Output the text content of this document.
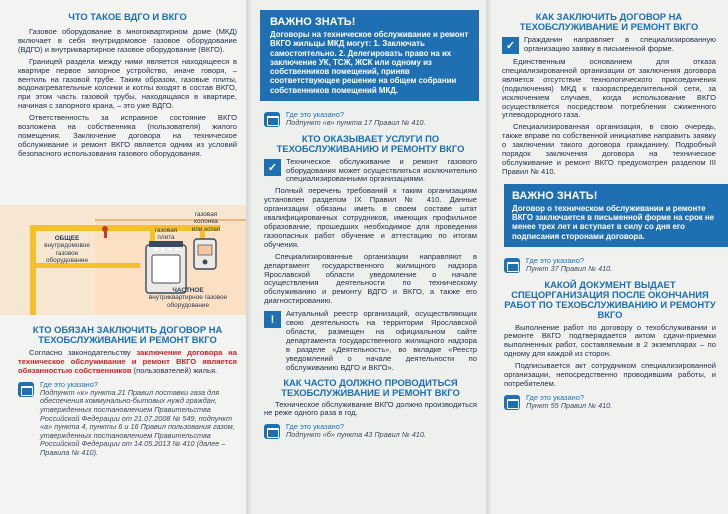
ЧТО ТАКОЕ ВДГО И ВКГО

Газовое оборудование в многоквартирном доме (МКД) включает в себя внутридомовое газовое оборудование (ВДГО) и внутриквартирное газовое оборудование (ВКГО).

Границей раздела между ними является находящееся в квартире первое запорное устройство, иначе говоря, – вентиль на газовой трубе. Таким образом, газовые плиты, водонагревательные колонки и котлы входят в состав ВКГО, при этом часть газовой трубы, находящаяся в квартире, начиная с запорного крана, – это уже ВДГО.

Ответственность за исправное состояние ВКГО возложена на собственника (пользователя) жилого помещения. Заключение договора на техническое обслуживание и ремонт ВКГО является одним из условий безопасного использования газового оборудования.

газовая плита
газовая колонка или котел
ОБЩЕЕ
внутридомовое газовое оборудование
ЧАСТНОЕ
внутриквартирное газовое оборудование
КТО ОБЯЗАН ЗАКЛЮЧИТЬ ДОГОВОР НА ТЕХОБСЛУЖИВАНИЕ И РЕМОНТ ВКГО

Согласно законодательству заключение договора на техническое обслуживание и ремонт ВКГО является обязанностью собственников (пользователей) жилья.

Где это указано?
Подпункт «к» пункта 21 Правил поставки газа для обеспечения коммунально-бытовых нужд граждан, утвержденных постановлением Правительства Российской Федерации от 21.07.2008 № 549, подпункт «а» пункта 4, пункты 6 и 16 Правил пользования газом, утвержденных постановлением Правительства Российской Федерации от 14.05.2013 № 410 (далее – Правила № 410).
ВАЖНО ЗНАТЬ!
Договоры на техническое обслуживание и ремонт ВКГО жильцы МКД могут: 1. Заключать самостоятельно. 2. Делегировать право на их заключение УК, ТСЖ, ЖСК или одному из собственников помещений, приняв соответствующее решение на общем собрании собственников помещений МКД.
Где это указано?
Подпункт «в» пункта 17 Правил № 410.
КТО ОКАЗЫВАЕТ УСЛУГИ ПО ТЕХОБСЛУЖИВАНИЮ И РЕМОНТУ ВКГО
✓

Техническое обслуживание и ремонт газового оборудования может осуществляться исключительно специализированными организациями.

Полный перечень требований к таким организациям установлен разделом IX Правил № 410. Данные организации обязаны иметь в своем составе штат квалифицированных сотрудников, имеющих профильное образование, прошедших необходимое для проведения газоопасных работ обучение и аттестацию по итогам обучения.

Специализированные организации направляют в департамент государственного жилищного надзора Ярославской области уведомление о начале осуществления деятельности по техническому обслуживанию и ремонту ВДГО и ВКГО, а также его диагностированию.

!	Актуальный реестр организаций, осуществляющих свою деятельность на территории Ярославской области, размещен на официальном сайте департамента государственного жилищного надзора в разделе «Деятельность», во вкладке «Реестр уведомлений о начале деятельности по обслуживанию ВДГО и ВКГО».

КАК ЧАСТО ДОЛЖНО ПРОВОДИТЬСЯ ТЕХОБСЛУЖИВАНИЕ И РЕМОНТ ВКГО

Техническое обслуживание ВКГО должно производиться не реже одного раза в год.

Где это указано?
Подпункт «б» пункта 43 Правил № 410.
КАК ЗАКЛЮЧИТЬ ДОГОВОР НА ТЕХОБСЛУЖИВАНИЕ И РЕМОНТ ВКГО
✓

Гражданин направляет в специализированную организацию заявку в письменной форме.

Единственным основанием для отказа специализированной организации от заключения договора является отсутствие технологического присоединения (подключения) МКД к газораспределительной сети, за исключением случаев, когда использование ВКГО осуществляется посредством потребления сжиженного углеводородного газа.

Специализированная организация, в свою очередь, также вправе по собственной инициативе направить заявку о заключении такого договора гражданину. Подробный порядок заключения договора на техническое обслуживание и ремонт ВКГО предусмотрен разделом III Правил № 410.

ВАЖНО ЗНАТЬ!
Договор о техническом обслуживании и ремонте ВКГО заключается в письменной форме на срок не менее трех лет и вступает в силу со дня его подписания сторонами договора.
Где это указано?
Пункт 37 Правил № 410.
КАКОЙ ДОКУМЕНТ ВЫДАЕТ СПЕЦОРГАНИЗАЦИЯ ПОСЛЕ ОКОНЧАНИЯ РАБОТ ПО ТЕХОБСЛУЖИВАНИЮ И РЕМОНТУ ВКГО

Выполнение работ по договору о техобслуживании и ремонте ВКГО подтверждается актом сдачи-приемки выполненных работ, составляемым в 2 экземплярах – по одному для каждой из сторон.

Подписывается акт сотрудником специализированной организации, непосредственно проводившим работы, и потребителем.

Где это указано?
Пункт 55 Правил № 410.
